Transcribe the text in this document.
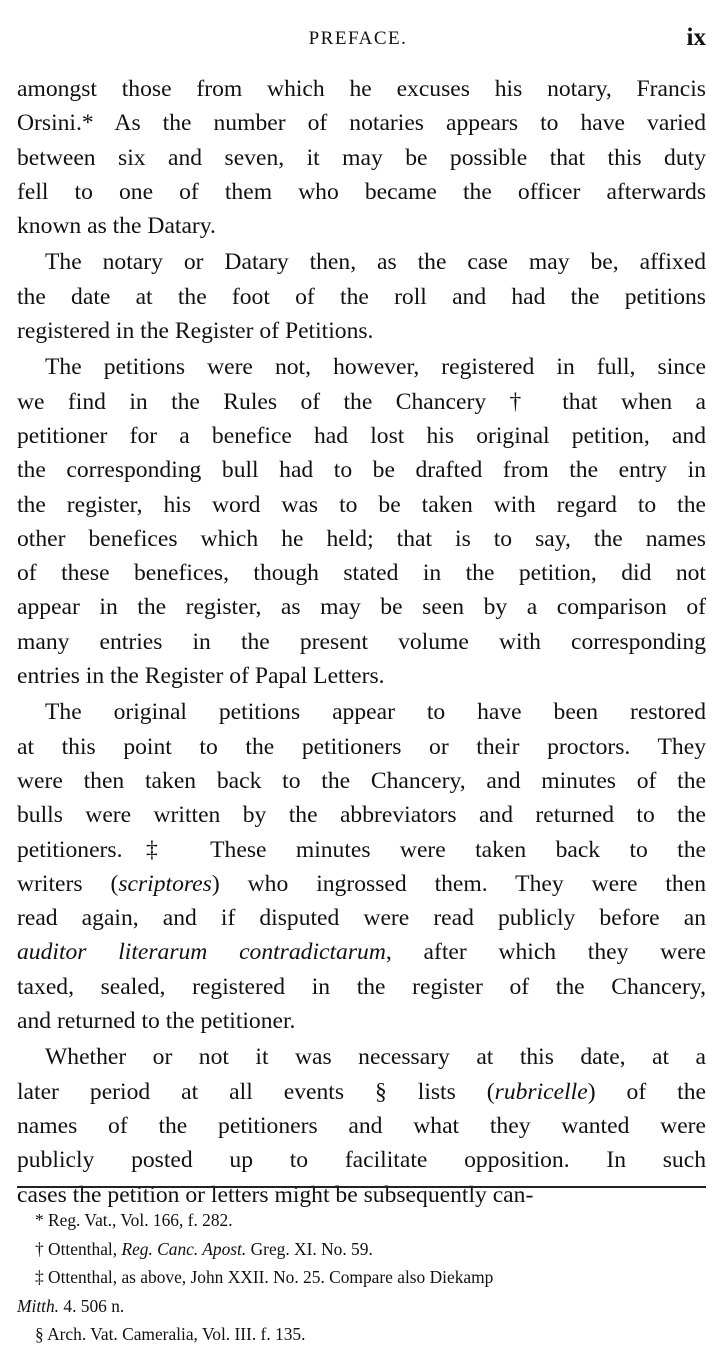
PREFACE.	ix
amongst those from which he excuses his notary, Francis
Orsini.* As the number of notaries appears to have varied
between six and seven, it may be possible that this duty
fell to one of them who became the officer afterwards
known as the Datary.
The notary or Datary then, as the case may be, affixed
the date at the foot of the roll and had the petitions
registered in the Register of Petitions.
The petitions were not, however, registered in full, since
we find in the Rules of the Chancery † that when a
petitioner for a benefice had lost his original petition, and
the corresponding bull had to be drafted from the entry in
the register, his word was to be taken with regard to the
other benefices which he held; that is to say, the names
of these benefices, though stated in the petition, did not
appear in the register, as may be seen by a comparison of
many entries in the present volume with corresponding
entries in the Register of Papal Letters.
The original petitions appear to have been restored
at this point to the petitioners or their proctors. They
were then taken back to the Chancery, and minutes of the
bulls were written by the abbreviators and returned to the
petitioners.‡ These minutes were taken back to the
writers (scriptores) who ingrossed them. They were then
read again, and if disputed were read publicly before an
auditor literarum contradictarum, after which they were
taxed, sealed, registered in the register of the Chancery,
and returned to the petitioner.
Whether or not it was necessary at this date, at a
later period at all events § lists (rubricelle) of the
names of the petitioners and what they wanted were
publicly posted up to facilitate opposition. In such
cases the petition or letters might be subsequently can-
* Reg. Vat., Vol. 166, f. 282.
† Ottenthal, Reg. Canc. Apost. Greg. XI. No. 59.
‡ Ottenthal, as above, John XXII. No. 25. Compare also Diekamp
Mitth. 4. 506 n.
§ Arch. Vat. Cameralia, Vol. III. f. 135.
